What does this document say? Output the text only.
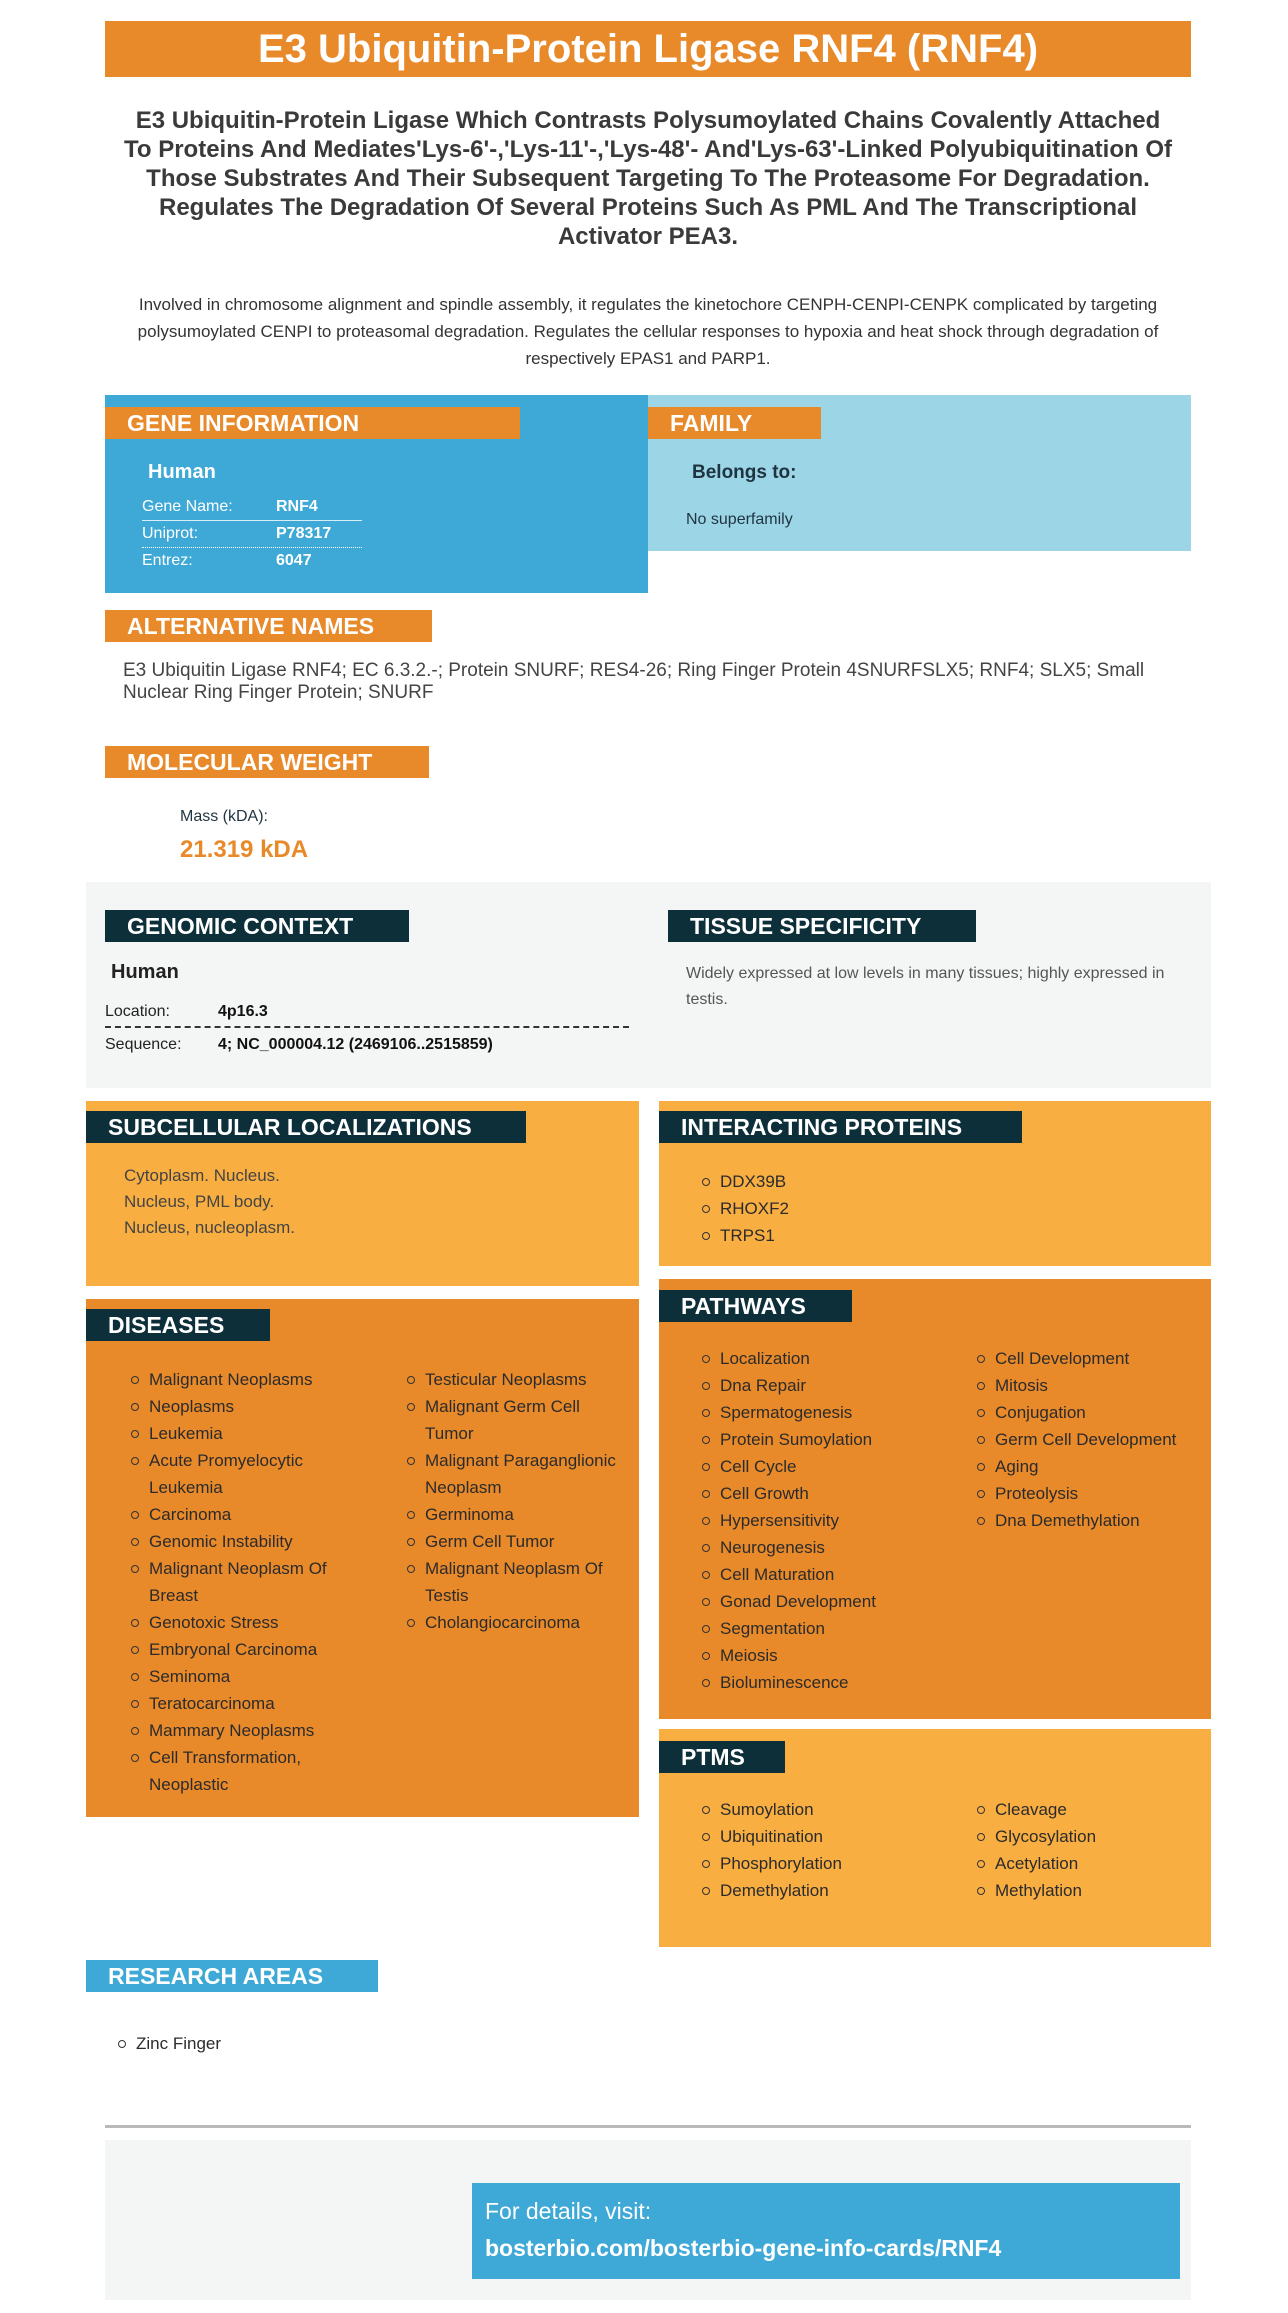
E3 Ubiquitin-Protein Ligase RNF4 (RNF4)
E3 Ubiquitin-Protein Ligase Which Contrasts Polysumoylated Chains Covalently Attached To Proteins And Mediates'Lys-6'-,'Lys-11'-,'Lys-48'- And'Lys-63'-Linked Polyubiquitination Of Those Substrates And Their Subsequent Targeting To The Proteasome For Degradation. Regulates The Degradation Of Several Proteins Such As PML And The Transcriptional Activator PEA3.
Involved in chromosome alignment and spindle assembly, it regulates the kinetochore CENPH-CENPI-CENPK complicated by targeting polysumoylated CENPI to proteasomal degradation. Regulates the cellular responses to hypoxia and heat shock through degradation of respectively EPAS1 and PARP1.
GENE INFORMATION
Human
Gene Name:	RNF4
Uniprot:	P78317
Entrez:	6047
FAMILY
Belongs to:
No superfamily
ALTERNATIVE NAMES
E3 Ubiquitin Ligase RNF4; EC 6.3.2.-; Protein SNURF; RES4-26; Ring Finger Protein 4SNURFSLX5; RNF4; SLX5; Small Nuclear Ring Finger Protein; SNURF
MOLECULAR WEIGHT
Mass (kDA):
21.319 kDA
GENOMIC CONTEXT
Human
Location:	4p16.3
Sequence: 4; NC_000004.12 (2469106..2515859)
TISSUE SPECIFICITY
Widely expressed at low levels in many tissues; highly expressed in testis.
SUBCELLULAR LOCALIZATIONS
Cytoplasm. Nucleus.
Nucleus, PML body.
Nucleus, nucleoplasm.
INTERACTING PROTEINS
DDX39B
RHOXF2
TRPS1
DISEASES
Malignant Neoplasms
Neoplasms
Leukemia
Acute Promyelocytic Leukemia
Carcinoma
Genomic Instability
Malignant Neoplasm Of Breast
Genotoxic Stress
Embryonal Carcinoma
Seminoma
Teratocarcinoma
Mammary Neoplasms
Cell Transformation, Neoplastic
Testicular Neoplasms
Malignant Germ Cell Tumor
Malignant Paraganglionic Neoplasm
Germinoma
Germ Cell Tumor
Malignant Neoplasm Of Testis
Cholangiocarcinoma
PATHWAYS
Localization
Dna Repair
Spermatogenesis
Protein Sumoylation
Cell Cycle
Cell Growth
Hypersensitivity
Neurogenesis
Cell Maturation
Gonad Development
Segmentation
Meiosis
Bioluminescence
Cell Development
Mitosis
Conjugation
Germ Cell Development
Aging
Proteolysis
Dna Demethylation
PTMS
Sumoylation
Ubiquitination
Phosphorylation
Demethylation
Cleavage
Glycosylation
Acetylation
Methylation
RESEARCH AREAS
Zinc Finger
For details, visit:
bosterbio.com/bosterbio-gene-info-cards/RNF4
